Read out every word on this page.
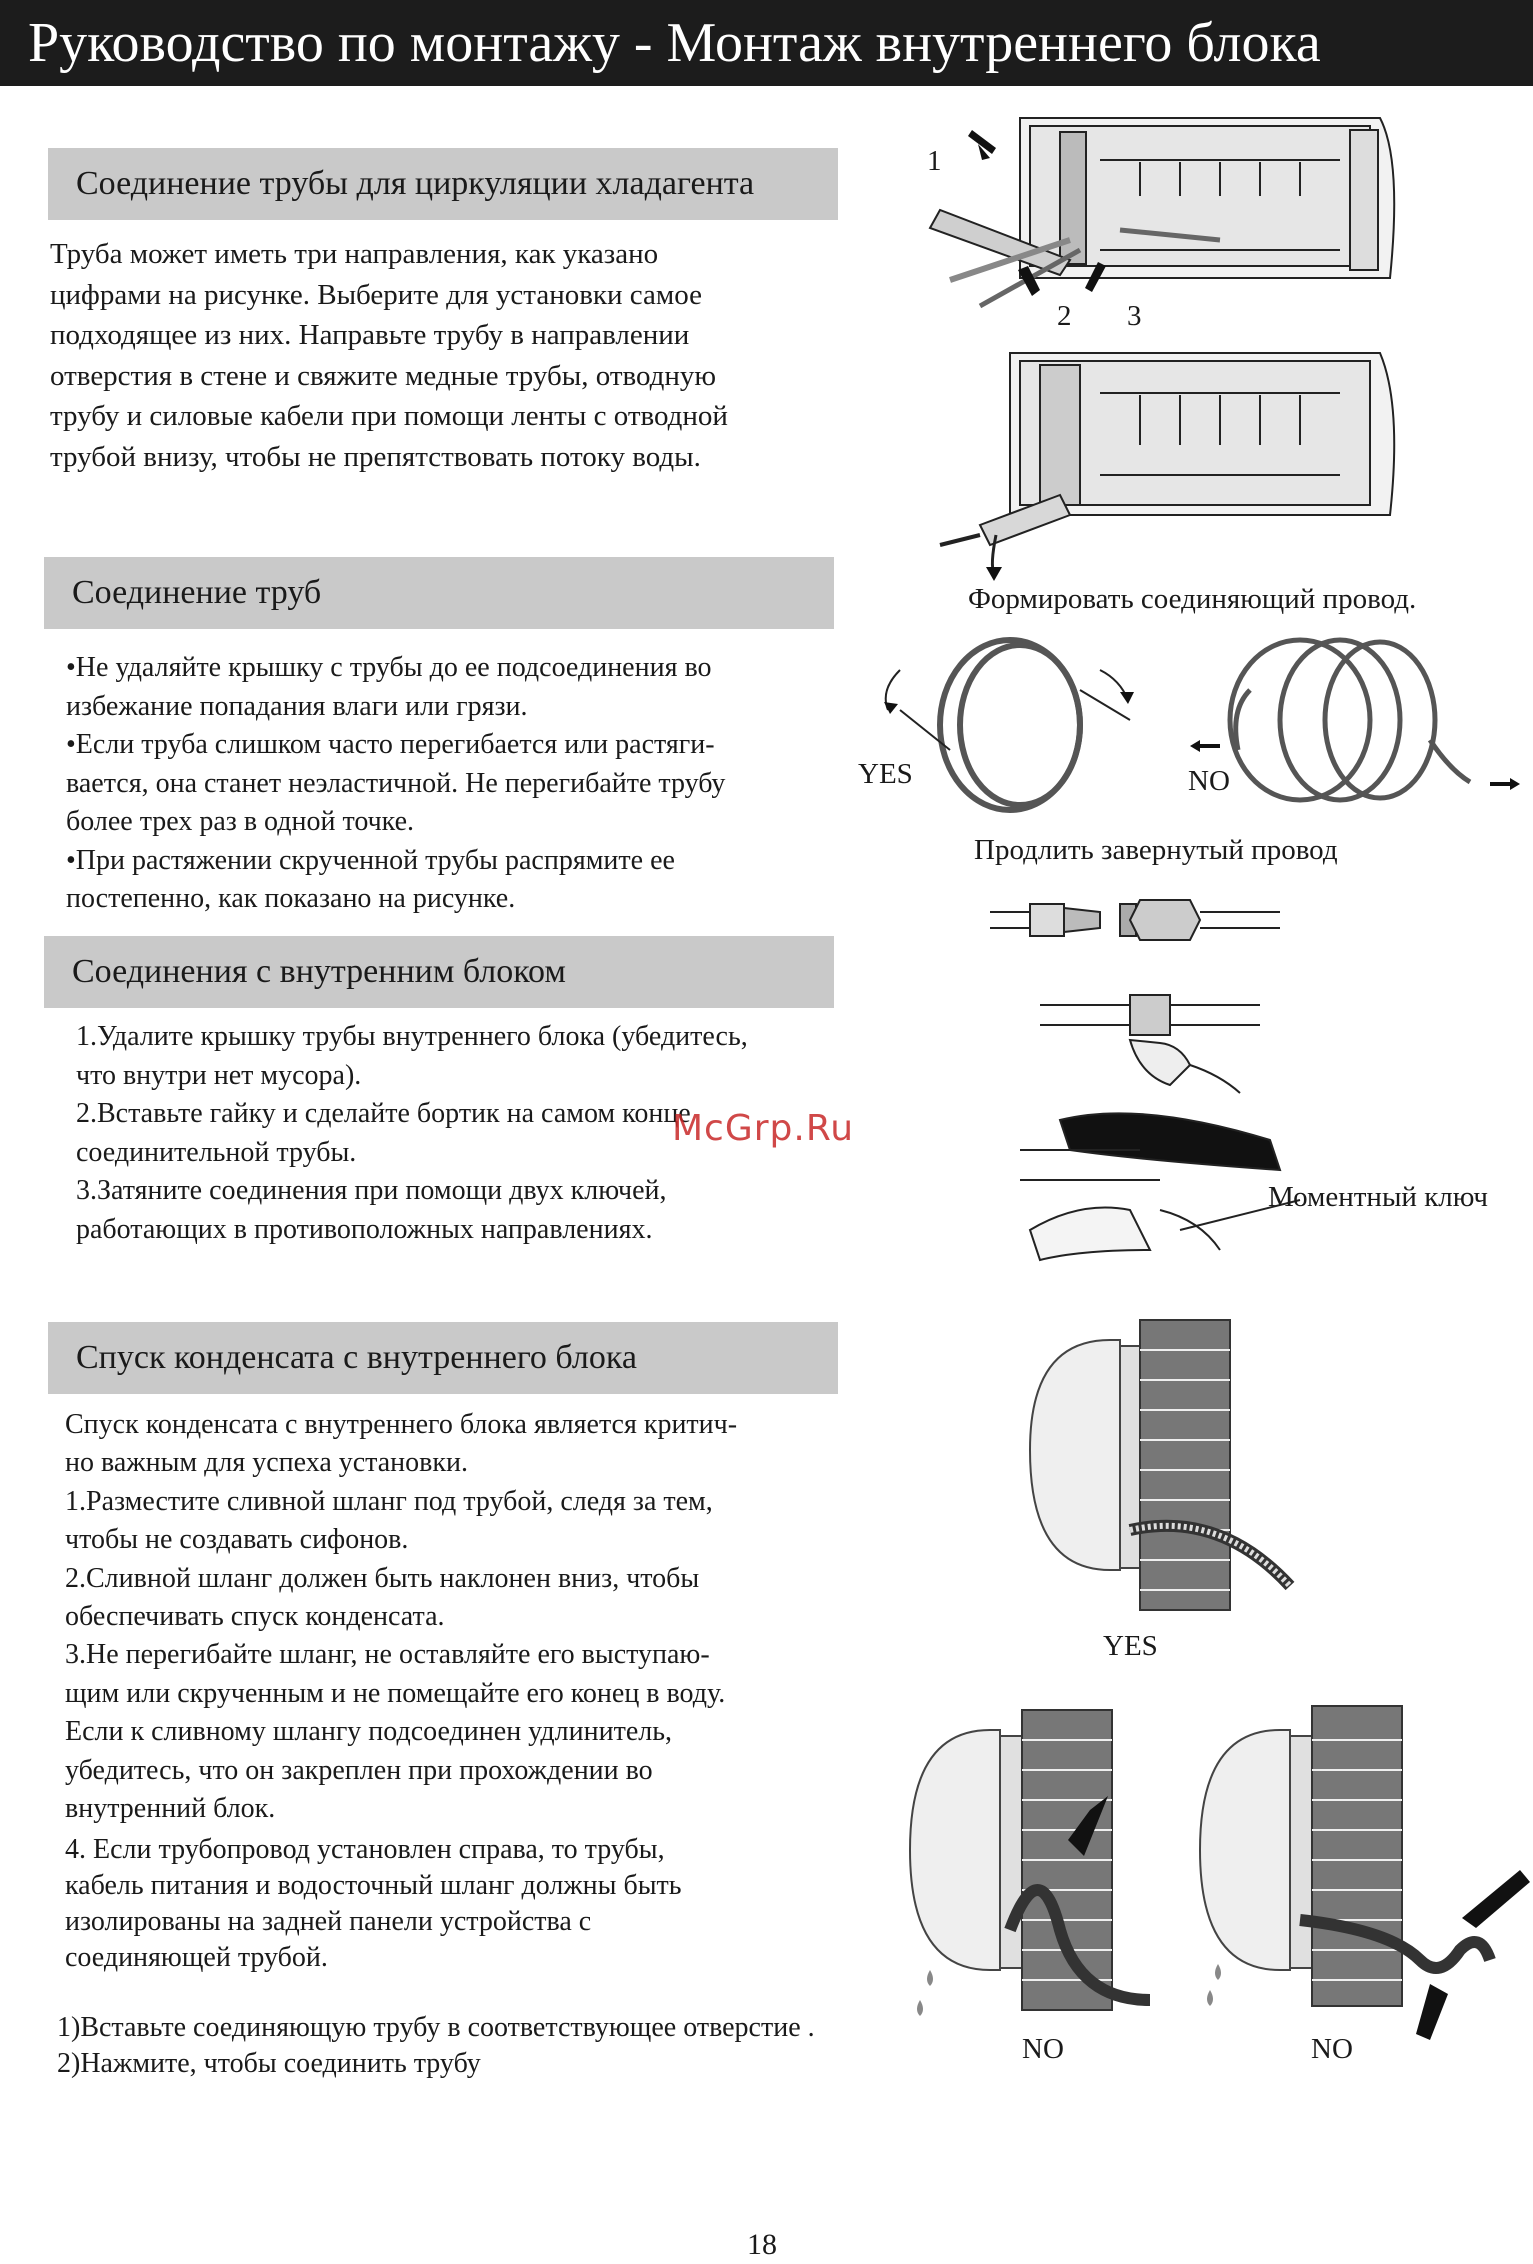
Руководство по монтажу - Монтаж внутреннего блока
Соединение трубы для циркуляции хладагента

Труба может иметь три направления, как указано

цифрами на рисунке. Выберите для установки самое

подходящее из них. Направьте трубу в направлении

отверстия в стене и свяжите медные трубы, отводную

трубу и силовые кабели при помощи ленты с отводной

трубой внизу, чтобы не препятствовать потоку воды.

Соединение труб

•Не удаляйте крышку с трубы до ее подсоединения во

избежание попадания влаги или грязи.

•Если труба слишком часто перегибается или растяги-

вается, она станет неэластичной. Не перегибайте трубу

более трех раз в одной точке.

•При растяжении скрученной трубы распрямите ее

постепенно, как показано на рисунке.

Соединения с внутренним блоком

1.Удалите крышку трубы внутреннего блока (убедитесь,

что внутри нет мусора).

2.Вставьте гайку и сделайте бортик на самом конце

соединительной трубы.

3.Затяните соединения при помощи двух ключей,

работающих в противоположных направлениях.

Спуск конденсата с внутреннего блока

Спуск конденсата с внутреннего блока является критич-

но важным для успеха установки.

1.Разместите сливной шланг под трубой, следя за тем,

чтобы не создавать сифонов.

2.Сливной шланг должен быть наклонен вниз, чтобы

обеспечивать спуск конденсата.

3.Не перегибайте шланг, не оставляйте его выступаю-

щим или скрученным и не помещайте его конец в воду.

Если к сливному шлангу подсоединен удлинитель,

убедитесь, что он закреплен при прохождении во

внутренний блок.

4. Если трубопровод установлен справа, то трубы,

кабель питания и водосточный шланг должны быть

изолированы на задней панели устройства с

соединяющей трубой.

1)Вставьте соединяющую трубу в соответствующее отверстие .

2)Нажмите, чтобы соединить трубу

McGrp.Ru
1
2 3
Формировать соединяющий провод.
YES	NO
Продлить завернутый провод
Моментный ключ
YES
NO	NO
18
